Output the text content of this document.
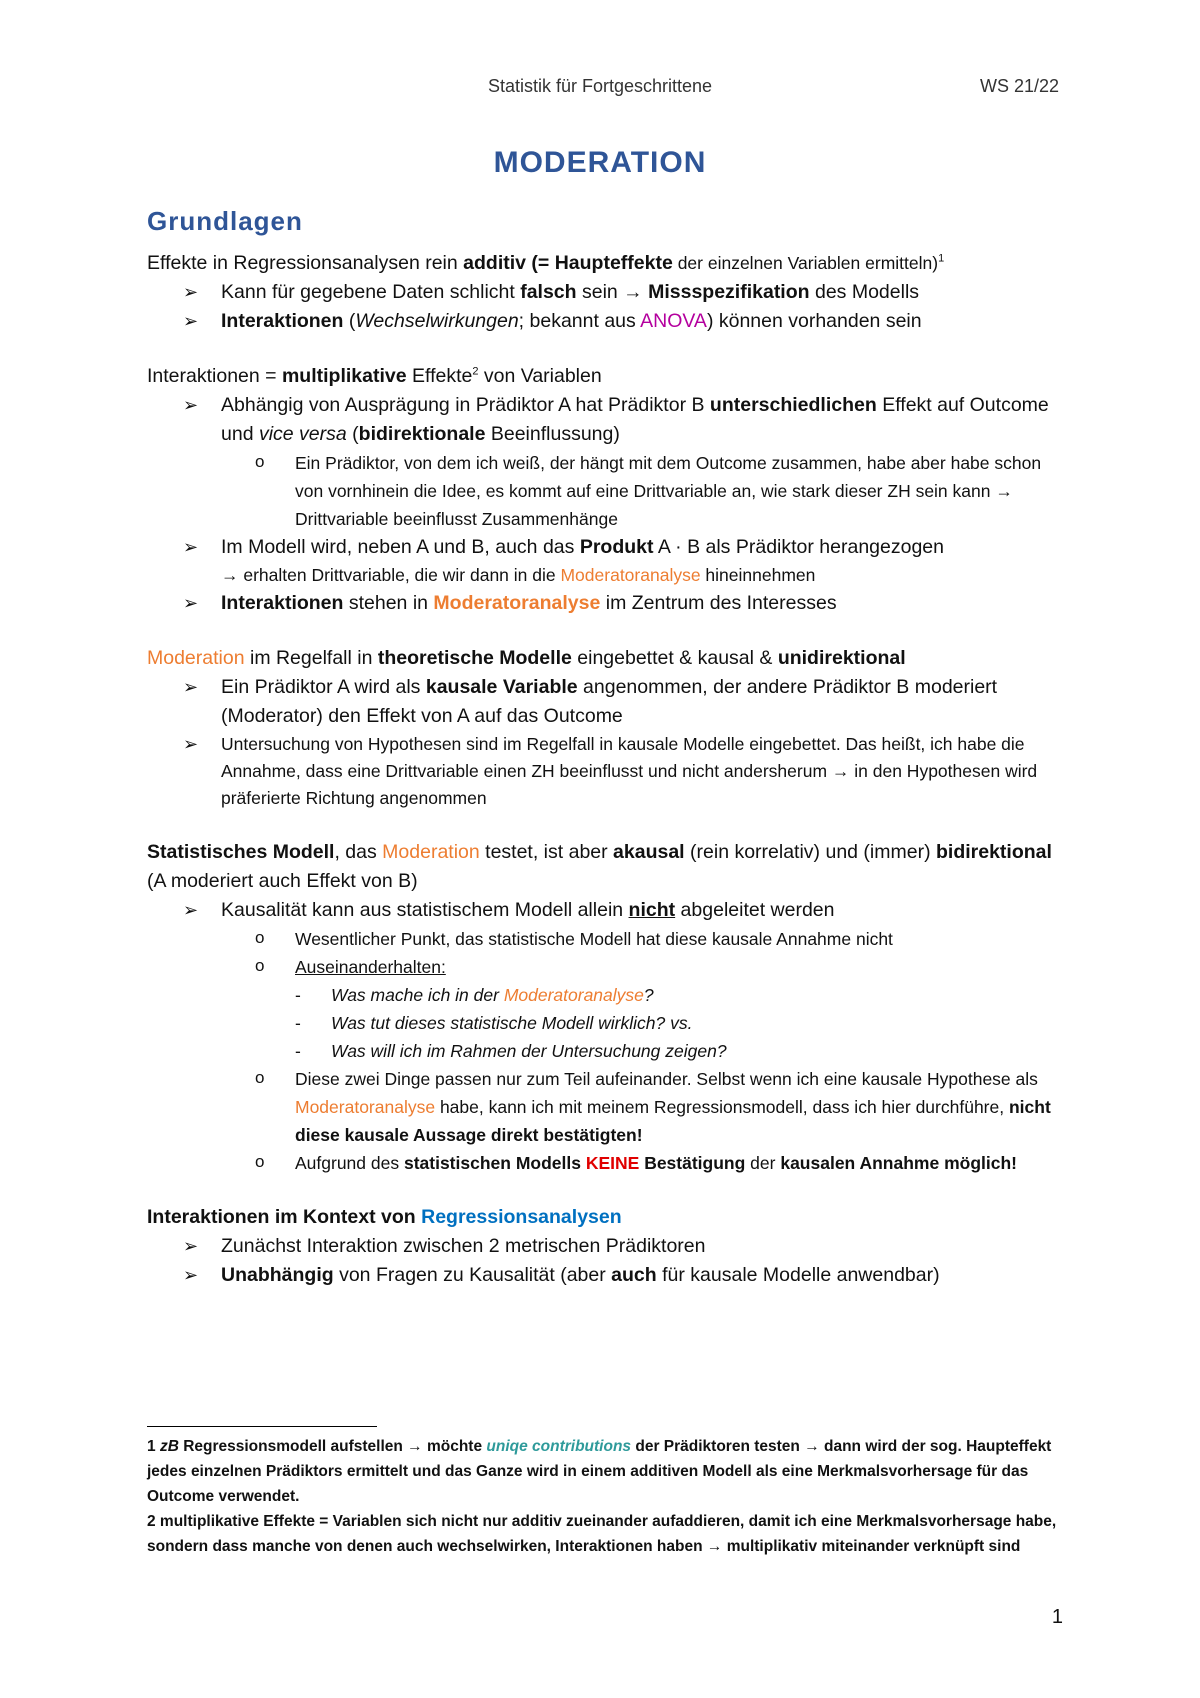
Statistik für Fortgeschrittene	WS 21/22
MODERATION
Grundlagen

Effekte in Regressionsanalysen rein additiv (= Haupteffekte der einzelnen Variablen ermitteln)$^1$

➢ Kann für gegebene Daten schlicht falsch sein → Missspezifikation des Modells
➢ Interaktionen (Wechselwirkungen; bekannt aus ANOVA) können vorhanden sein

Interaktionen = multiplikative Effekte$^2$ von Variablen

➢ Abhängig von Ausprägung in Prädiktor A hat Prädiktor B unterschiedlichen Effekt auf Outcome und vice versa (bidirektionale Beeinflussung)
o Ein Prädiktor, von dem ich weiß, der hängt mit dem Outcome zusammen, habe aber habe schon von vornhinein die Idee, es kommt auf eine Drittvariable an, wie stark dieser ZH sein kann → Drittvariable beeinflusst Zusammenhänge
➢ Im Modell wird, neben A und B, auch das Produkt A · B als Prädiktor herangezogen
→ erhalten Drittvariable, die wir dann in die Moderatoranalyse hineinnehmen
➢ Interaktionen stehen in Moderatoranalyse im Zentrum des Interesses

Moderation im Regelfall in theoretische Modelle eingebettet & kausal & unidirektional

➢ Ein Prädiktor A wird als kausale Variable angenommen, der andere Prädiktor B moderiert (Moderator) den Effekt von A auf das Outcome
➢ Untersuchung von Hypothesen sind im Regelfall in kausale Modelle eingebettet. Das heißt, ich habe die Annahme, dass eine Drittvariable einen ZH beeinflusst und nicht andersherum → in den Hypothesen wird präferierte Richtung angenommen

Statistisches Modell, das Moderation testet, ist aber akausal (rein korrelativ) und (immer) bidirektional (A moderiert auch Effekt von B)

➢ Kausalität kann aus statistischem Modell allein nicht abgeleitet werden
o Wesentlicher Punkt, das statistische Modell hat diese kausale Annahme nicht
o Auseinanderhalten:
- Was mache ich in der Moderatoranalyse?
- Was tut dieses statistische Modell wirklich? vs.
- Was will ich im Rahmen der Untersuchung zeigen?
o Diese zwei Dinge passen nur zum Teil aufeinander. Selbst wenn ich eine kausale Hypothese als Moderatoranalyse habe, kann ich mit meinem Regressionsmodell, dass ich hier durchführe, nicht diese kausale Aussage direkt bestätigten!
o Aufgrund des statistischen Modells KEINE Bestätigung der kausalen Annahme möglich!

Interaktionen im Kontext von Regressionsanalysen

➢ Zunächst Interaktion zwischen 2 metrischen Prädiktoren
➢ Unabhängig von Fragen zu Kausalität (aber auch für kausale Modelle anwendbar)
1 zB Regressionsmodell aufstellen → möchte uniqe contributions der Prädiktoren testen → dann wird der sog. Haupteffekt jedes einzelnen Prädiktors ermittelt und das Ganze wird in einem additiven Modell als eine Merkmalsvorhersage für das Outcome verwendet.
2 multiplikative Effekte = Variablen sich nicht nur additiv zueinander aufaddieren, damit ich eine Merkmalsvorhersage habe, sondern dass manche von denen auch wechselwirken, Interaktionen haben → multiplikativ miteinander verknüpft sind
1
